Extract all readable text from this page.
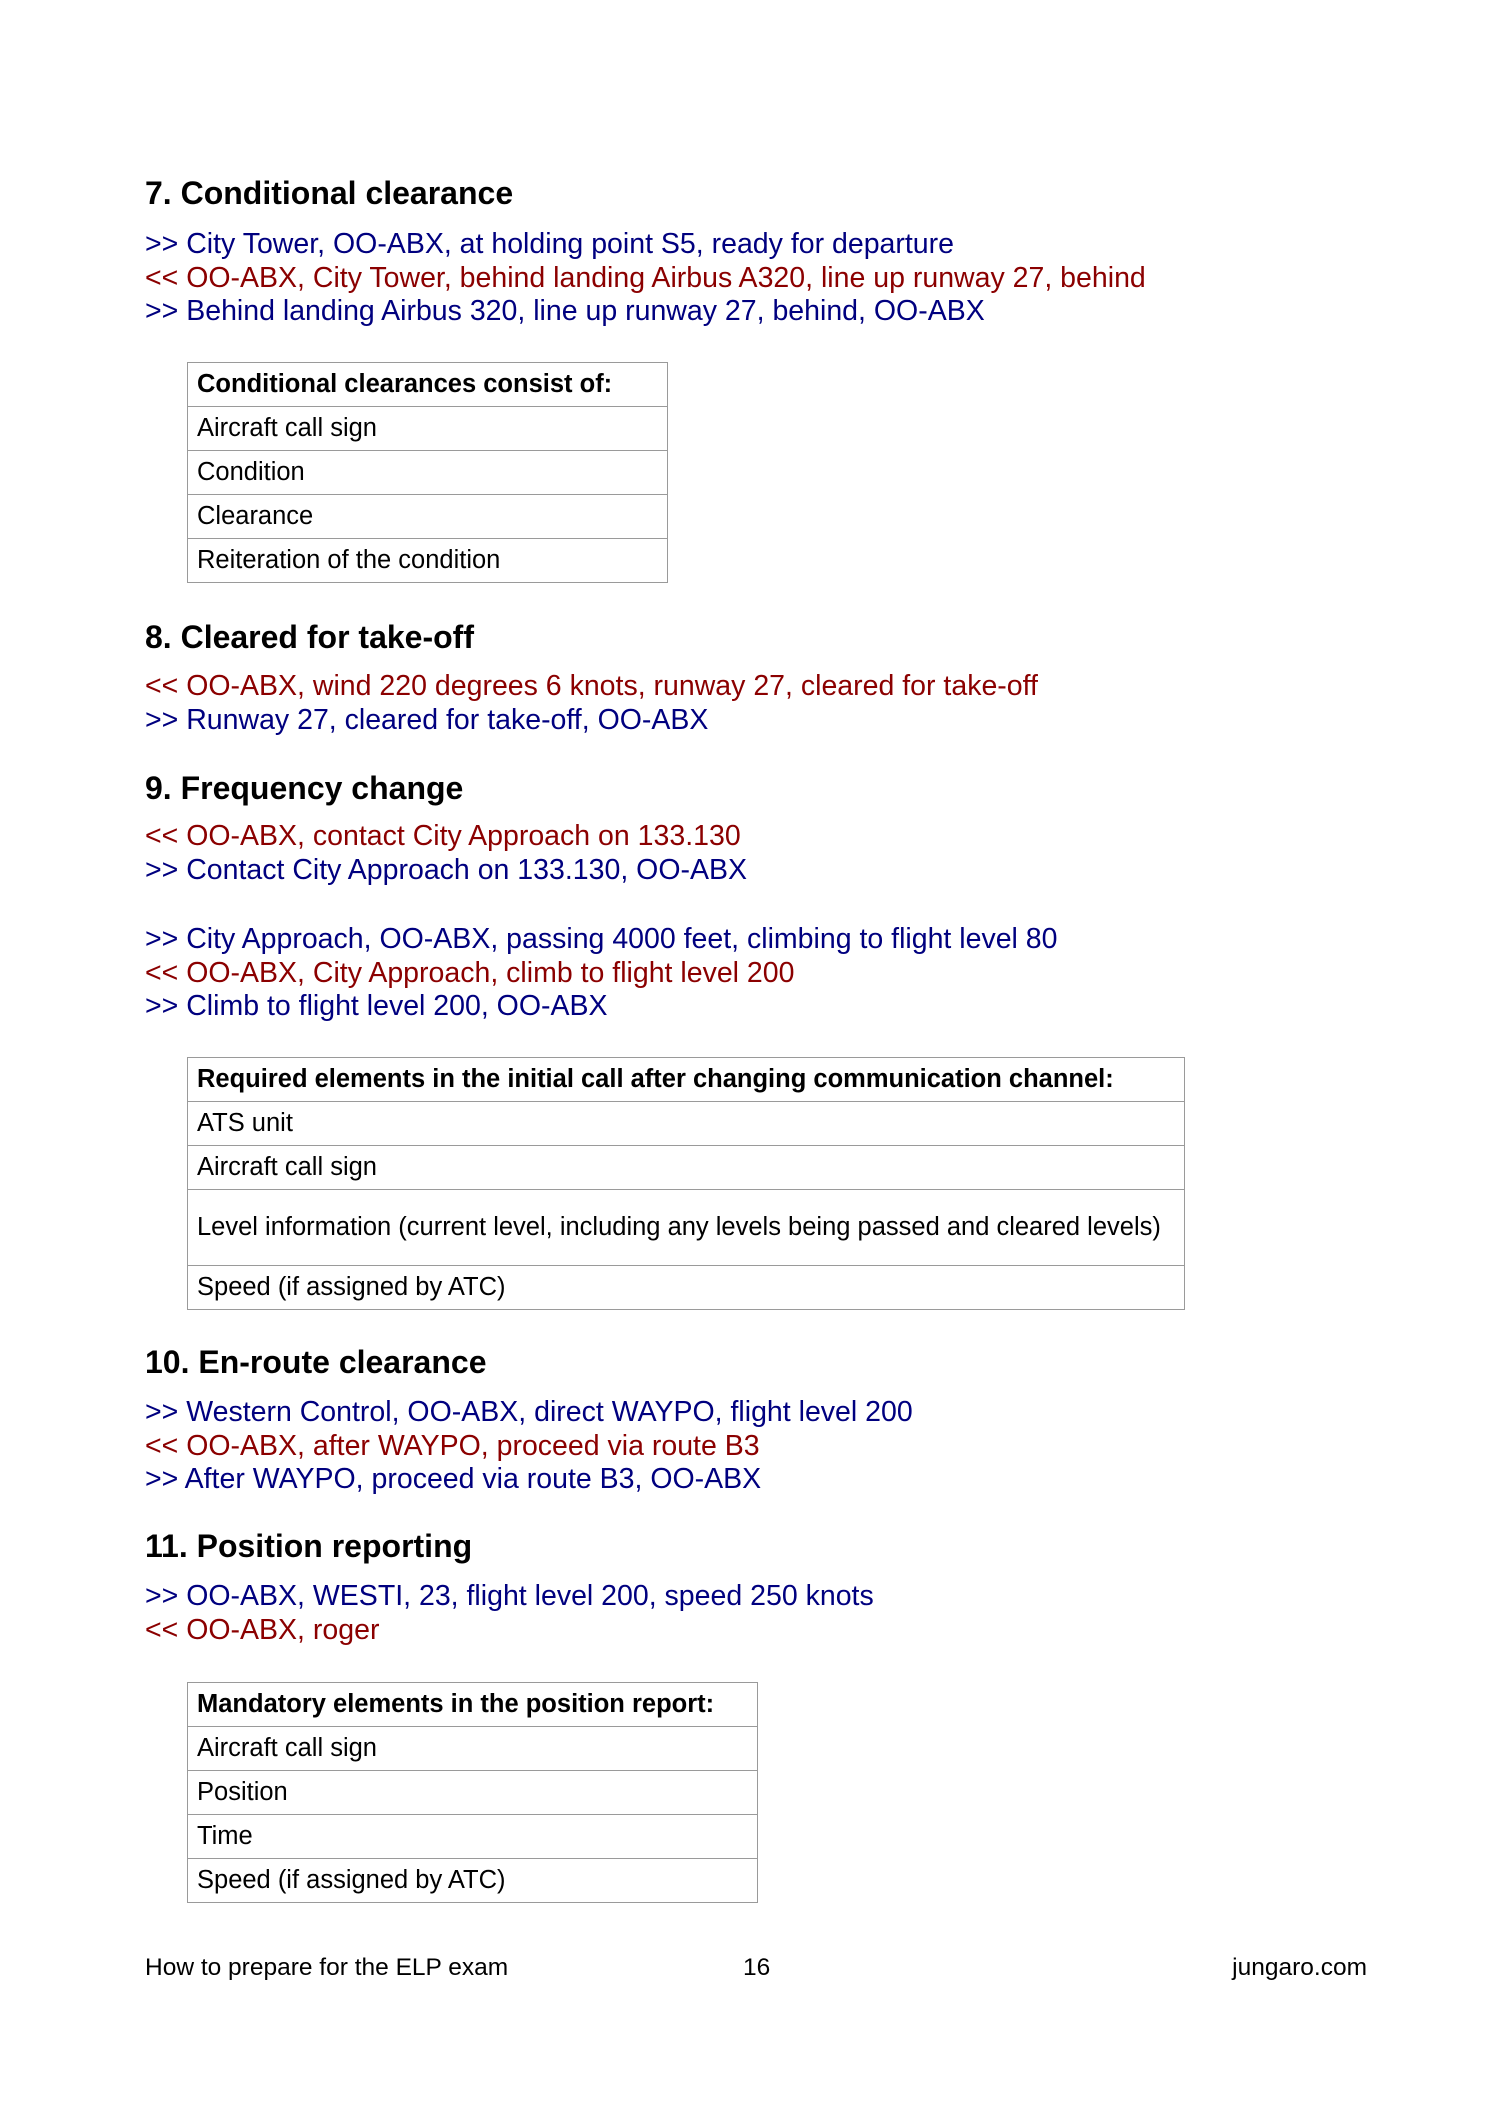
7. Conditional clearance
>> City Tower, OO-ABX, at holding point S5, ready for departure
<< OO-ABX, City Tower, behind landing Airbus A320, line up runway 27, behind
>> Behind landing Airbus 320, line up runway 27, behind, OO-ABX
Conditional clearances consist of:
Aircraft call sign
Condition
Clearance
Reiteration of the condition
8. Cleared for take-off
<< OO-ABX, wind 220 degrees 6 knots, runway 27, cleared for take-off
>> Runway 27, cleared for take-off, OO-ABX
9. Frequency change
<< OO-ABX, contact City Approach on 133.130
>> Contact City Approach on 133.130, OO-ABX
>> City Approach, OO-ABX, passing 4000 feet, climbing to flight level 80
<< OO-ABX, City Approach, climb to flight level 200
>> Climb to flight level 200, OO-ABX
Required elements in the initial call after changing communication channel:
ATS unit
Aircraft call sign
Level information (current level, including any levels being passed and cleared levels)
Speed (if assigned by ATC)
10. En-route clearance
>> Western Control, OO-ABX, direct WAYPO, flight level 200
<< OO-ABX, after WAYPO, proceed via route B3
>> After WAYPO, proceed via route B3, OO-ABX
11. Position reporting
>> OO-ABX, WESTI, 23, flight level 200, speed 250 knots
<< OO-ABX, roger
Mandatory elements in the position report:
Aircraft call sign
Position
Time
Speed (if assigned by ATC)
How to prepare for the ELP exam	16	jungaro.com
